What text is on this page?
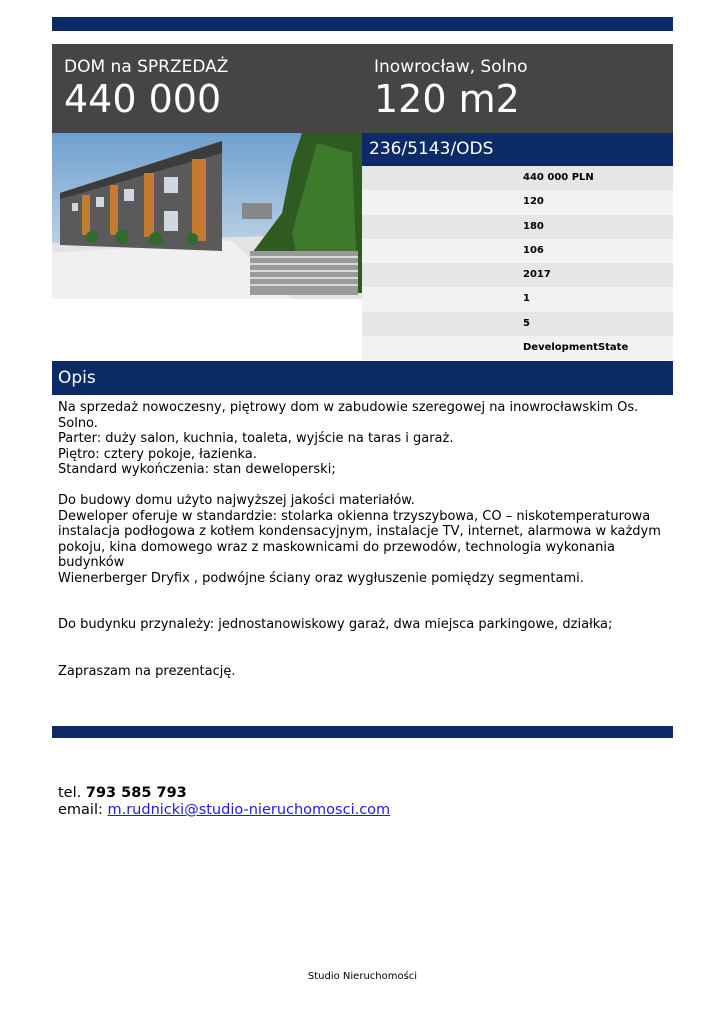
DOM na SPRZEDAŻ
440 000
Inowrocław, Solno
120 m2
236/5143/ODS
440 000 PLN
120
180
106
2017
1
5
DevelopmentState
Opis

Na sprzedaż nowoczesny, piętrowy dom w zabudowie szeregowej na inowrocławskim Os. Solno.

Parter: duży salon, kuchnia, toaleta, wyjście na taras i garaż.

Piętro: cztery pokoje, łazienka.

Standard wykończenia: stan deweloperski;

Do budowy domu użyto najwyższej jakości materiałów.

Deweloper oferuje w standardzie: stolarka okienna trzyszybowa, CO – niskotemperaturowa

instalacja podłogowa z kotłem kondensacyjnym, instalacje TV, internet, alarmowa w każdym

pokoju, kina domowego wraz z maskownicami do przewodów, technologia wykonania budynków

Wienerberger Dryfix , podwójne ściany oraz wygłuszenie pomiędzy segmentami.

Do budynku przynależy: jednostanowiskowy garaż, dwa miejsca parkingowe, działka;

Zapraszam na prezentację.

tel. 793 585 793
email: m.rudnicki@studio-nieruchomosci.com
Studio Nieruchomości
